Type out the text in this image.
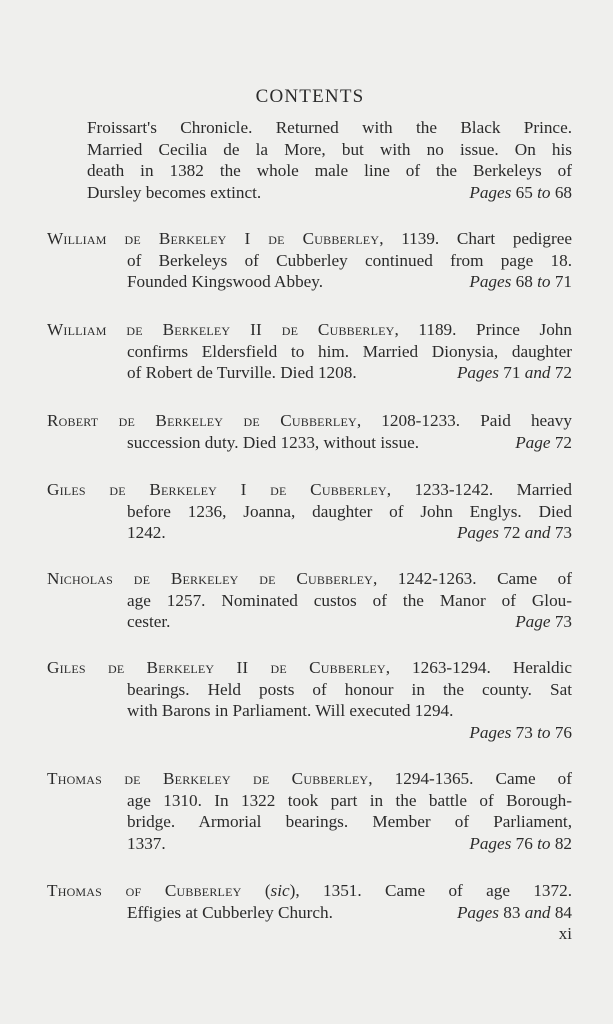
CONTENTS
Froissart's Chronicle. Returned with the Black Prince.
Married Cecilia de la More, but with no issue. On his
death in 1382 the whole male line of the Berkeleys of
Dursley becomes extinct.	Pages 65 to 68
William de Berkeley I de Cubberley, 1139. Chart pedigree
of Berkeleys of Cubberley continued from page 18.
Founded Kingswood Abbey.	Pages 68 to 71
William de Berkeley II de Cubberley, 1189. Prince John
confirms Eldersfield to him. Married Dionysia, daughter
of Robert de Turville. Died 1208.	Pages 71 and 72
Robert de Berkeley de Cubberley, 1208-1233. Paid heavy
succession duty. Died 1233, without issue.	Page 72
Giles de Berkeley I de Cubberley, 1233-1242. Married
before 1236, Joanna, daughter of John Englys. Died
1242.	Pages 72 and 73
Nicholas de Berkeley de Cubberley, 1242-1263. Came of
age 1257. Nominated custos of the Manor of Glou-
cester.	Page 73
Giles de Berkeley II de Cubberley, 1263-1294. Heraldic
bearings. Held posts of honour in the county. Sat
with Barons in Parliament. Will executed 1294.
Pages 73 to 76
Thomas de Berkeley de Cubberley, 1294-1365. Came of
age 1310. In 1322 took part in the battle of Borough-
bridge. Armorial bearings. Member of Parliament,
1337.	Pages 76 to 82
Thomas of Cubberley (sic), 1351. Came of age 1372.
Effigies at Cubberley Church.	Pages 83 and 84
xi
